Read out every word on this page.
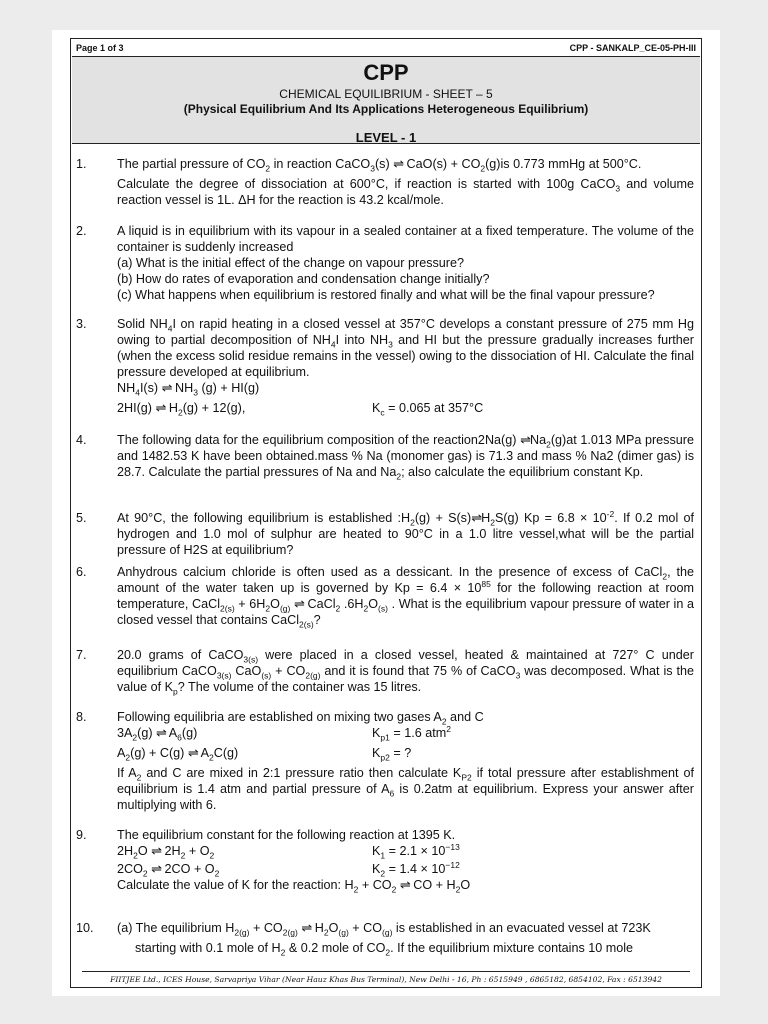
Page 1 of 3	CPP - SANKALP_CE-05-PH-III
CPP
CHEMICAL EQUILIBRIUM - SHEET – 5
(Physical Equilibrium And Its Applications Heterogeneous Equilibrium)
LEVEL - 1
1. The partial pressure of $CO_2$ in reaction CaCO$_3$(s) ⇌ $CaO(s) + CO_2(g)is$ 0.773 mmHg at 500°C.
Calculate the degree of dissociation at 600°C, if reaction is started with 100g CaCO$_3$ and volume reaction vessel is 1L. ΔH for the reaction is 43.2 kcal/mole.
2. A liquid is in equilibrium with its vapour in a sealed container at a fixed temperature. The volume of the container is suddenly increased
(a) What is the initial effect of the change on vapour pressure?
(b) How do rates of evaporation and condensation change initially?
(c) What happens when equilibrium is restored finally and what will be the final vapour pressure?
3. Solid $NH_4I$ on rapid heating in a closed vessel at 357°C develops a constant pressure of 275 mm Hg owing to partial decomposition of $NH_4I$ into $NH_3$ and HI but the pressure gradually increases further (when the excess solid residue remains in the vessel) owing to the dissociation of HI. Calculate the final pressure developed at equilibrium.
$NH_4I(s)$ ⇌ $NH_3$ (g) + HI(g)
2HI(g) ⇌ $H_2(g) + 12(g)$,	$K_c = 0.065$ at 357°C
4. The following data for the equilibrium composition of the reaction2Na(g) $\rightleftharpoons Na_2(g)at$ 1.013 MPa pressure and 1482.53 K have been obtained.mass % Na (monomer gas) is 71.3 and mass % Na2 (dimer gas) is 28.7. Calculate the partial pressures of Na and $Na_2$; also calculate the equilibrium constant Kp.
5. At 90°C, the following equilibrium is established $:H_2(g)$ + $S(s)\rightleftharpoons H_2S(g) Kp = 6.8 \times 10^{-2}$. If 0.2 mol of hydrogen and 1.0 mol of sulphur are heated to 90°C in a 1.0 litre vessel,what will be the partial pressure of H2S at equilibrium?
6. Anhydrous calcium chloride is often used as a dessicant. In the presence of excess of CaCl$_2$, the amount of the water taken up is governed by $Kp = 6.4 \times 10^{85}$ for the following reaction at room temperature, CaCl$_{2(s)}$ + $6H_2O_{(g)}$ ⇌ CaCl$_2$ $.6H_2O_{(s)}$ . What is the equilibrium vapour pressure of water in a closed vessel that contains CaCl$_{2(s)}$?
7. 20.0 grams of CaCO$_{3(s)}$ were placed in a closed vessel, heated & maintained at 727° C under equilibrium CaCO$_{3(s)}$ $CaO_{(s)} + CO_{2(g)}$ and it is found that 75 % of CaCO$_3$ was decomposed. What is the value of $K_p$? The volume of the container was 15 litres.
8. Following equilibria are established on mixing two gases $A_2$ and C
$3A_2(g)$ ⇌ $A_6(g)$	$K_{p1} = 1.6$ atm$^2$
$A_2(g) + C(g)$ ⇌ $A_2C(g)$	$K_{p2}$ = ?
If $A_2$ and C are mixed in 2:1 pressure ratio then calculate $K_{P2}$ if total pressure after establishment of equilibrium is 1.4 atm and partial pressure of $A_6$ is 0.2atm at equilibrium. Express your answer after multiplying with 6.
9. The equilibrium constant for the following reaction at 1395 K.
$2H_2O$ ⇌ $2H_2 + O_2$	$K_1 = 2.1 \times 10^{-13}$
$2CO_2$ ⇌ $2CO + O_2$	$K_2 = 1.4 \times 10^{-12}$
Calculate the value of K for the reaction: $H_2 + CO_2$ ⇌ CO + $H_2O$
10. (a) The equilibrium $H_{2(g)} + CO_{2(g)}$ ⇌ $H_2O_{(g)} + CO_{(g)}$ is established in an evacuated vessel at 723K
starting with 0.1 mole of $H_2$ & 0.2 mole of $CO_2$. If the equilibrium mixture contains 10 mole
FIITJEE Ltd., ICES House, Sarvapriya Vihar (Near Hauz Khas Bus Terminal), New Delhi - 16, Ph : 6515949 , 6865182, 6854102, Fax : 6513942
